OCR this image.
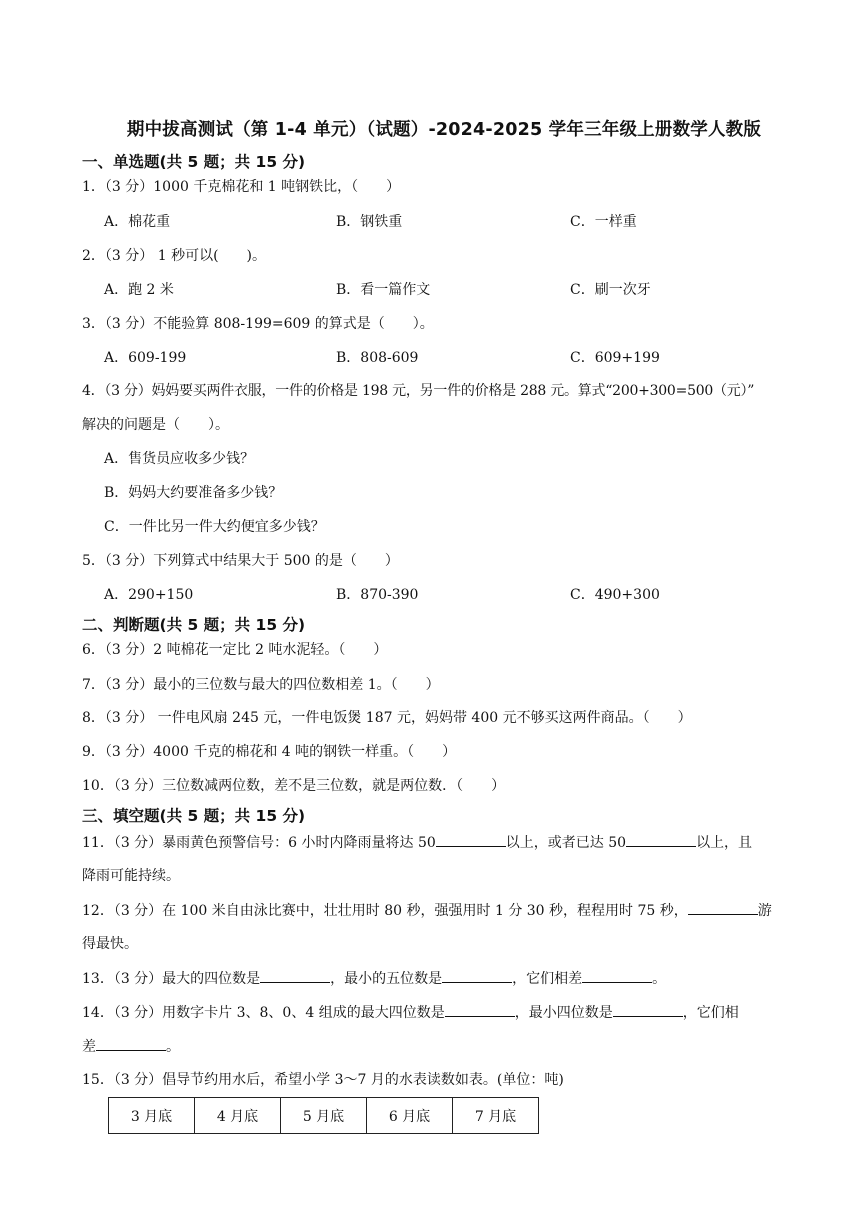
期中拔高测试（第 1-4 单元）（试题）-2024-2025 学年三年级上册数学人教版
一、单选题(共 5 题；共 15 分)
1．（3 分）1000 千克棉花和 1 吨钢铁比，（　　）
A．棉花重	B．钢铁重	C．一样重
2．（3 分） 1 秒可以(　　)。
A．跑 2 米	B．看一篇作文	C．刷一次牙
3．（3 分）不能验算 808-199=609 的算式是（　　）。
A．609-199	B．808-609	C．609+199
4．（3 分）妈妈要买两件衣服，一件的价格是 198 元，另一件的价格是 288 元。算式“200+300=500（元）”
解决的问题是（　　）。
A．售货员应收多少钱？
B．妈妈大约要准备多少钱？
C．一件比另一件大约便宜多少钱？
5．（3 分）下列算式中结果大于 500 的是（　　）
A．290+150	B．870-390	C．490+300
二、判断题(共 5 题；共 15 分)
6．（3 分）2 吨棉花一定比 2 吨水泥轻。（　　）
7．（3 分）最小的三位数与最大的四位数相差 1。（　　）
8．（3 分） 一件电风扇 245 元，一件电饭煲 187 元，妈妈带 400 元不够买这两件商品。（　　）
9．（3 分）4000 千克的棉花和 4 吨的钢铁一样重。（　　）
10．（3 分）三位数减两位数，差不是三位数，就是两位数．（　　）
三、填空题(共 5 题；共 15 分)
11．（3 分）暴雨黄色预警信号：6 小时内降雨量将达 50	以上，或者已达 50	以上，且
降雨可能持续。
12．（3 分）在 100 米自由泳比赛中，壮壮用时 80 秒，强强用时 1 分 30 秒，程程用时 75 秒，	游
得最快。
13．（3 分）最大的四位数是	，最小的五位数是	，它们相差	。
14．（3 分）用数字卡片 3、8、0、4 组成的最大四位数是	，最小四位数是	，它们相
差	。
15．（3 分）倡导节约用水后，希望小学 3～7 月的水表读数如表。(单位：吨)
3 月底	4 月底	5 月底	6 月底	7 月底
